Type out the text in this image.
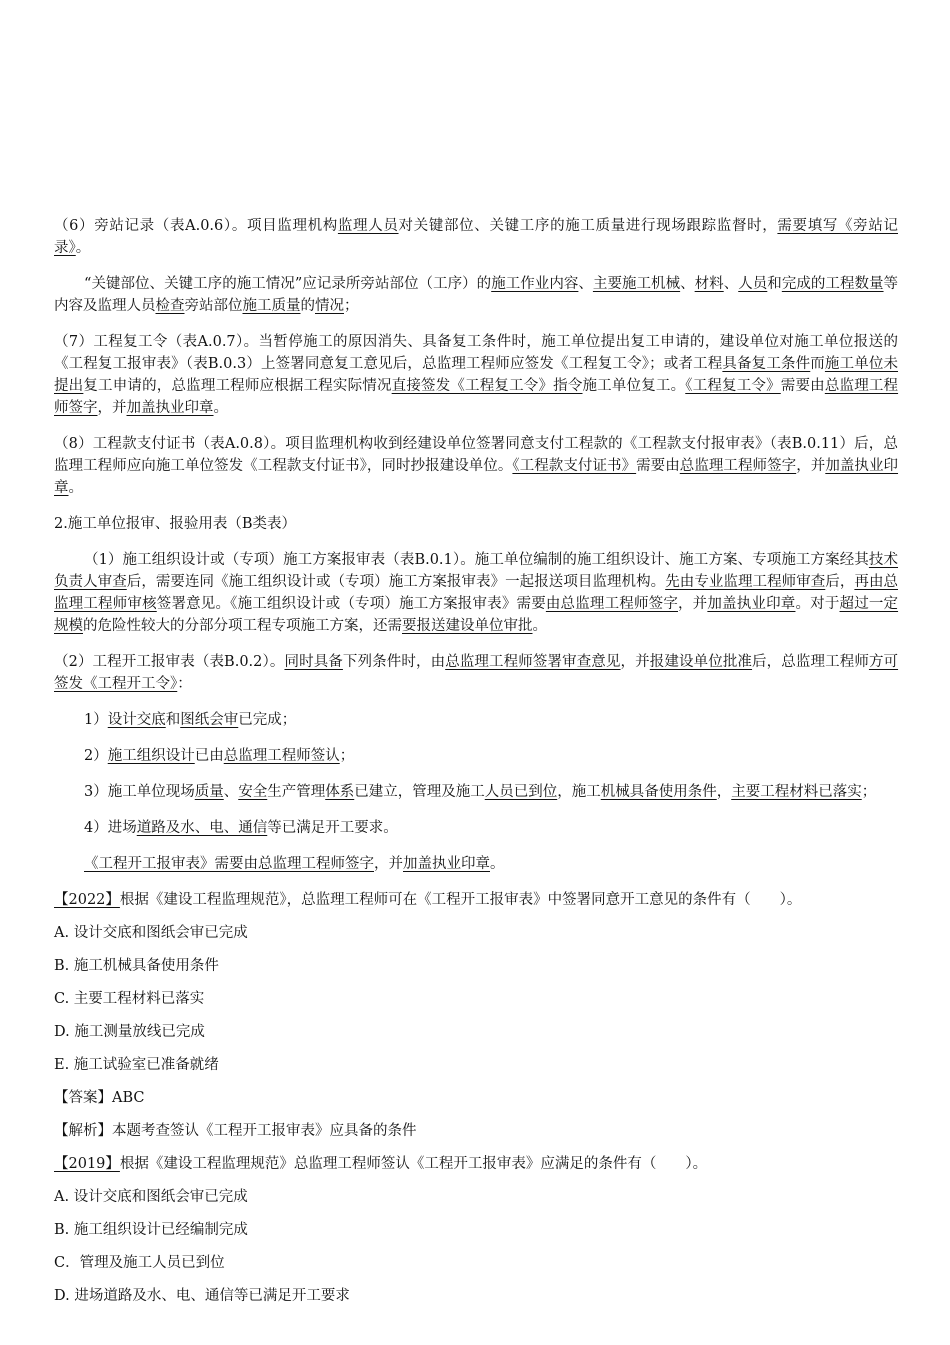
（6）旁站记录（表A.0.6）。项目监理机构监理人员对关键部位、关键工序的施工质量进行现场跟踪监督时，需要填写《旁站记录》。

“关键部位、关键工序的施工情况”应记录所旁站部位（工序）的施工作业内容、主要施工机械、材料、人员和完成的工程数量等内容及监理人员检查旁站部位施工质量的情况；

（7）工程复工令（表A.0.7）。当暂停施工的原因消失、具备复工条件时，施工单位提出复工申请的，建设单位对施工单位报送的《工程复工报审表》（表B.0.3）上签署同意复工意见后，总监理工程师应签发《工程复工令》；或者工程具备复工条件而施工单位未提出复工申请的，总监理工程师应根据工程实际情况直接签发《工程复工令》指令施工单位复工。《工程复工令》需要由总监理工程师签字，并加盖执业印章。

（8）工程款支付证书（表A.0.8）。项目监理机构收到经建设单位签署同意支付工程款的《工程款支付报审表》（表B.0.11）后，总监理工程师应向施工单位签发《工程款支付证书》，同时抄报建设单位。《工程款支付证书》需要由总监理工程师签字，并加盖执业印章。

2.施工单位报审、报验用表（B类表）

（1）施工组织设计或（专项）施工方案报审表（表B.0.1）。施工单位编制的施工组织设计、施工方案、专项施工方案经其技术负责人审查后，需要连同《施工组织设计或（专项）施工方案报审表》一起报送项目监理机构。先由专业监理工程师审查后，再由总监理工程师审核签署意见。《施工组织设计或（专项）施工方案报审表》需要由总监理工程师签字，并加盖执业印章。对于超过一定规模的危险性较大的分部分项工程专项施工方案，还需要报送建设单位审批。

（2）工程开工报审表（表B.0.2）。同时具备下列条件时，由总监理工程师签署审查意见，并报建设单位批准后，总监理工程师方可签发《工程开工令》：

1）设计交底和图纸会审已完成；

2）施工组织设计已由总监理工程师签认；

3）施工单位现场质量、安全生产管理体系已建立，管理及施工人员已到位，施工机械具备使用条件，主要工程材料已落实；

4）进场道路及水、电、通信等已满足开工要求。

《工程开工报审表》需要由总监理工程师签字，并加盖执业印章。

【2022】根据《建设工程监理规范》，总监理工程师可在《工程开工报审表》中签署同意开工意见的条件有（　　）。

A. 设计交底和图纸会审已完成

B. 施工机械具备使用条件

C. 主要工程材料已落实

D. 施工测量放线已完成

E. 施工试验室已准备就绪

【答案】ABC

【解析】本题考查签认《工程开工报审表》应具备的条件

【2019】根据《建设工程监理规范》总监理工程师签认《工程开工报审表》应满足的条件有（　　）。

A. 设计交底和图纸会审已完成

B. 施工组织设计已经编制完成

C．管理及施工人员已到位

D. 进场道路及水、电、通信等已满足开工要求
